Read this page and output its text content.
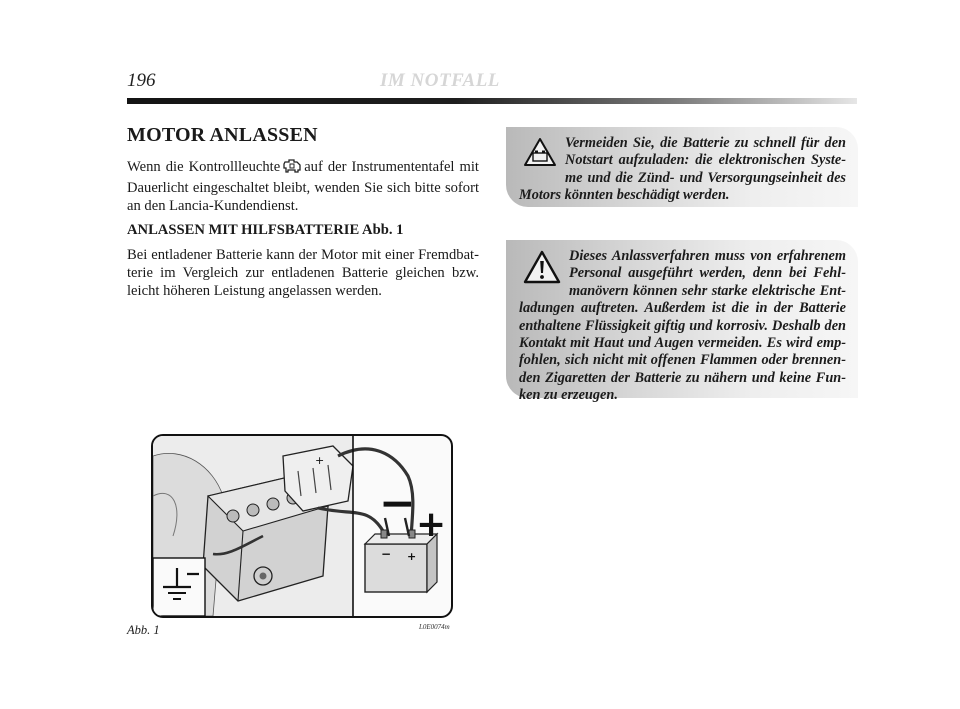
196	IM NOTFALL
MOTOR ANLASSEN

Wenn die Kontrollleuchte auf der Instrumententafel mit Dauerlicht eingeschaltet bleibt, wenden Sie sich bitte sofort an den Lancia-Kundendienst.

ANLASSEN MIT HILFSBATTERIE Abb. 1

Bei entladener Batterie kann der Motor mit einer Fremdbatterie im Vergleich zur entladenen Batterie gleichen bzw. leicht höheren Leistung angelassen werden.

Vermeiden Sie, die Batterie zu schnell für den Notstart aufzuladen: die elektronischen Systeme und die Zünd- und Versorgungseinheit des Motors könnten beschädigt werden.
Dieses Anlassverfahren muss von erfahrenem Personal ausgeführt werden, denn bei Fehlmanövern können sehr starke elektrische Entladungen auftreten. Außerdem ist die in der Batterie enthaltene Flüssigkeit giftig und korrosiv. Deshalb den Kontakt mit Haut und Augen vermeiden. Es wird empfohlen, sich nicht mit offenen Flammen oder brennenden Zigaretten der Batterie zu nähern und keine Funken zu erzeugen.
− +
− +
+
Abb. 1	L0E0074m
